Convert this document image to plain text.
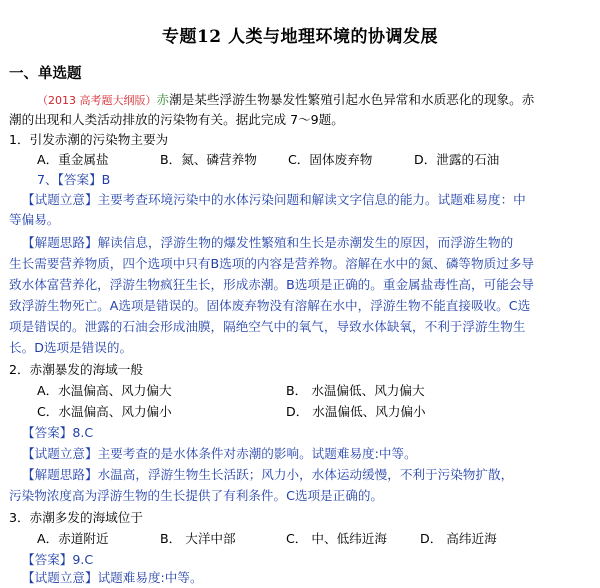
专题12 人类与地理环境的协调发展
一、单选题
（2013 高考题大纲版）赤潮是某些浮游生物暴发性繁殖引起水色异常和水质恶化的现象。赤
潮的出现和人类活动排放的污染物有关。据此完成 7～9题。
1．引发赤潮的污染物主要为
A．重金属盐	B．氮、磷营养物 C．固体废弃物	D．泄露的石油
7、【答案】B
【试题立意】主要考查环境污染中的水体污染问题和解读文字信息的能力。试题难易度：中
等偏易。
【解题思路】解读信息，浮游生物的爆发性繁殖和生长是赤潮发生的原因，而浮游生物的
生长需要营养物质，四个选项中只有B选项的内容是营养物。溶解在水中的氮、磷等物质过多导
致水体富营养化，浮游生物疯狂生长，形成赤潮。B选项是正确的。重金属盐毒性高，可能会导
致浮游生物死亡。A选项是错误的。固体废弃物没有溶解在水中，浮游生物不能直接吸收。C选
项是错误的。泄露的石油会形成油膜，隔绝空气中的氧气，导致水体缺氧，不利于浮游生物生
长。D选项是错误的。
2．赤潮暴发的海域一般
A．水温偏高、风力偏大	B． 水温偏低、风力偏大
C．水温偏高、风力偏小	D． 水温偏低、风力偏小
【答案】8.C
【试题立意】主要考查的是水体条件对赤潮的影响。试题难易度:中等。
【解题思路】水温高，浮游生物生长活跃；风力小，水体运动缓慢，不利于污染物扩散，
污染物浓度高为浮游生物的生长提供了有利条件。C选项是正确的。
3．赤潮多发的海域位于
A．赤道附近	B． 大洋中部	C． 中、低纬近海	D． 高纬近海
【答案】9.C
【试题立意】试题难易度:中等。
